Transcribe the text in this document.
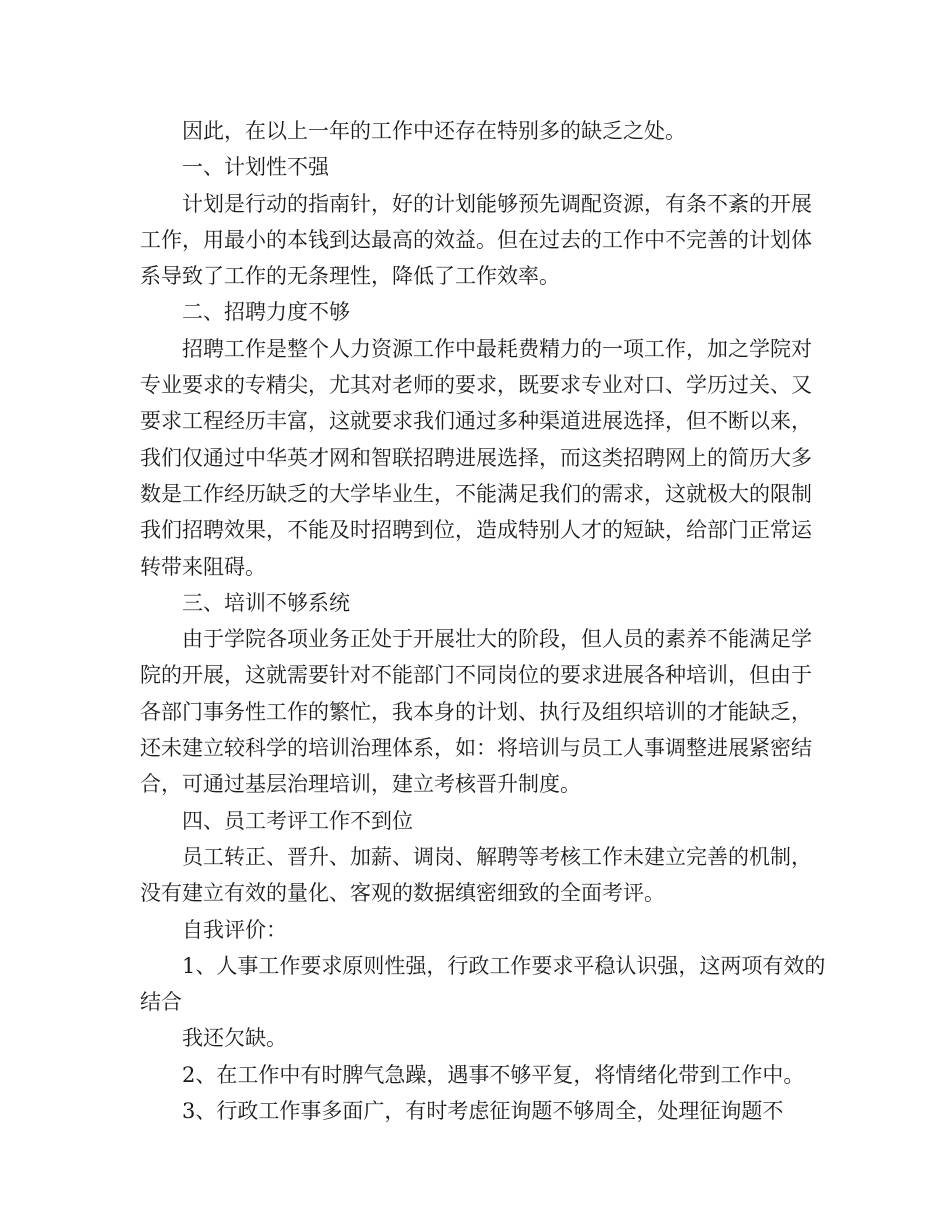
因此，在以上一年的工作中还存在特别多的缺乏之处。

一、计划性不强

计划是行动的指南针，好的计划能够预先调配资源，有条不紊的开展工作，用最小的本钱到达最高的效益。但在过去的工作中不完善的计划体系导致了工作的无条理性，降低了工作效率。

二、招聘力度不够

招聘工作是整个人力资源工作中最耗费精力的一项工作，加之学院对专业要求的专精尖，尤其对老师的要求，既要求专业对口、学历过关、又要求工程经历丰富，这就要求我们通过多种渠道进展选择，但不断以来，我们仅通过中华英才网和智联招聘进展选择，而这类招聘网上的简历大多数是工作经历缺乏的大学毕业生，不能满足我们的需求，这就极大的限制我们招聘效果，不能及时招聘到位，造成特别人才的短缺，给部门正常运转带来阻碍。

三、培训不够系统

由于学院各项业务正处于开展壮大的阶段，但人员的素养不能满足学院的开展，这就需要针对不能部门不同岗位的要求进展各种培训，但由于各部门事务性工作的繁忙，我本身的计划、执行及组织培训的才能缺乏，还未建立较科学的培训治理体系，如：将培训与员工人事调整进展紧密结合，可通过基层治理培训，建立考核晋升制度。

四、员工考评工作不到位

员工转正、晋升、加薪、调岗、解聘等考核工作未建立完善的机制，没有建立有效的量化、客观的数据缜密细致的全面考评。

自我评价：

1、人事工作要求原则性强，行政工作要求平稳认识强，这两项有效的结合

我还欠缺。

2、在工作中有时脾气急躁，遇事不够平复，将情绪化带到工作中。

3、行政工作事多面广，有时考虑征询题不够周全，处理征询题不
